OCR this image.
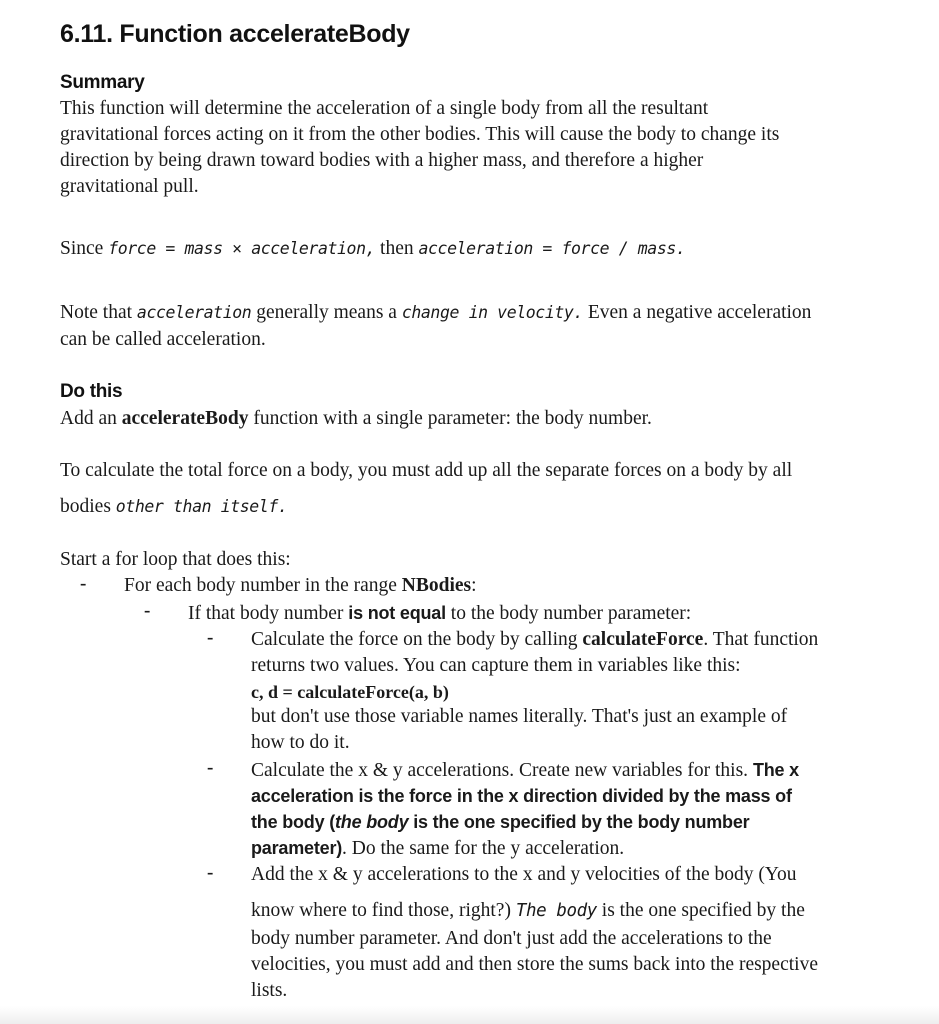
6.11. Function accelerateBody
Summary
This function will determine the acceleration of a single body from all the resultant
gravitational forces acting on it from the other bodies. This will cause the body to change its
direction by being drawn toward bodies with a higher mass, and therefore a higher
gravitational pull.
Since force = mass × acceleration, then acceleration = force / mass.
Note that acceleration generally means a change in velocity. Even a negative acceleration
can be called acceleration.
Do this
Add an accelerateBody function with a single parameter: the body number.
To calculate the total force on a body, you must add up all the separate forces on a body by all
bodies other than itself.
Start a for loop that does this:
- For each body number in the range NBodies:
- If that body number is not equal to the body number parameter:
- Calculate the force on the body by calling calculateForce. That function
returns two values. You can capture them in variables like this:
c, d = calculateForce(a, b)
but don't use those variable names literally. That's just an example of
how to do it.
- Calculate the x & y accelerations. Create new variables for this. The x
acceleration is the force in the x direction divided by the mass of
the body (the body is the one specified by the body number
parameter). Do the same for the y acceleration.
- Add the x & y accelerations to the x and y velocities of the body (You
know where to find those, right?) The body is the one specified by the
body number parameter. And don't just add the accelerations to the
velocities, you must add and then store the sums back into the respective
lists.
